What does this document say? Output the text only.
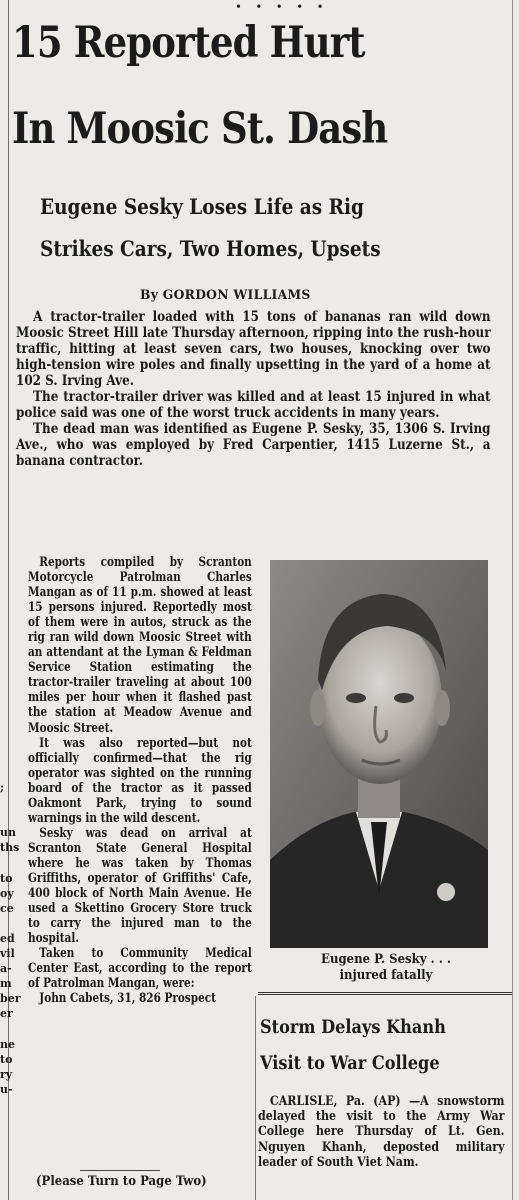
• • • • •
15 Reported Hurt
In Moosic St. Dash
Eugene Sesky Loses Life as Rig
Strikes Cars, Two Homes, Upsets
By GORDON WILLIAMS

A tractor-trailer loaded with 15 tons of bananas ran wild down Moosic Street Hill late Thursday afternoon, ripping into the rush-hour traffic, hitting at least seven cars, two houses, knocking over two high-tension wire poles and finally upsetting in the yard of a home at 102 S. Irving Ave.

The tractor-trailer driver was killed and at least 15 injured in what police said was one of the worst truck accidents in many years.

The dead man was identified as Eugene P. Sesky, 35, 1306 S. Irving Ave., who was employed by Fred Carpentier, 1415 Luzerne St., a banana contractor.

Reports compiled by Scranton Motorcycle Patrolman Charles Mangan as of 11 p.m. showed at least 15 persons injured. Reportedly most of them were in autos, struck as the rig ran wild down Moosic Street with an attendant at the Lyman & Feldman Service Station estimating the tractor-trailer traveling at about 100 miles per hour when it flashed past the station at Meadow Avenue and Moosic Street.

It was also reported—but not officially confirmed—that the rig operator was sighted on the running board of the tractor as it passed Oakmont Park, trying to sound warnings in the wild descent.

Sesky was dead on arrival at Scranton State General Hospital where he was taken by Thomas Griffiths, operator of Griffiths' Cafe, 400 block of North Main Avenue. He used a Skettino Grocery Store truck to carry the injured man to the hospital.

Taken to Community Medical Center East, according to the report of Patrolman Mangan, were:

John Cabets, 31, 826 Prospect

(Please Turn to Page Two)
;

un
ths

to
oy
ce

ed
vil
a-
m
ber
er

ne
to
ry
u-
Eugene P. Sesky . . .
injured fatally
Storm Delays Khanh
Visit to War College

CARLISLE, Pa. (AP) —A snowstorm delayed the visit to the Army War College here Thursday of Lt. Gen. Nguyen Khanh, deposted military leader of South Viet Nam.
